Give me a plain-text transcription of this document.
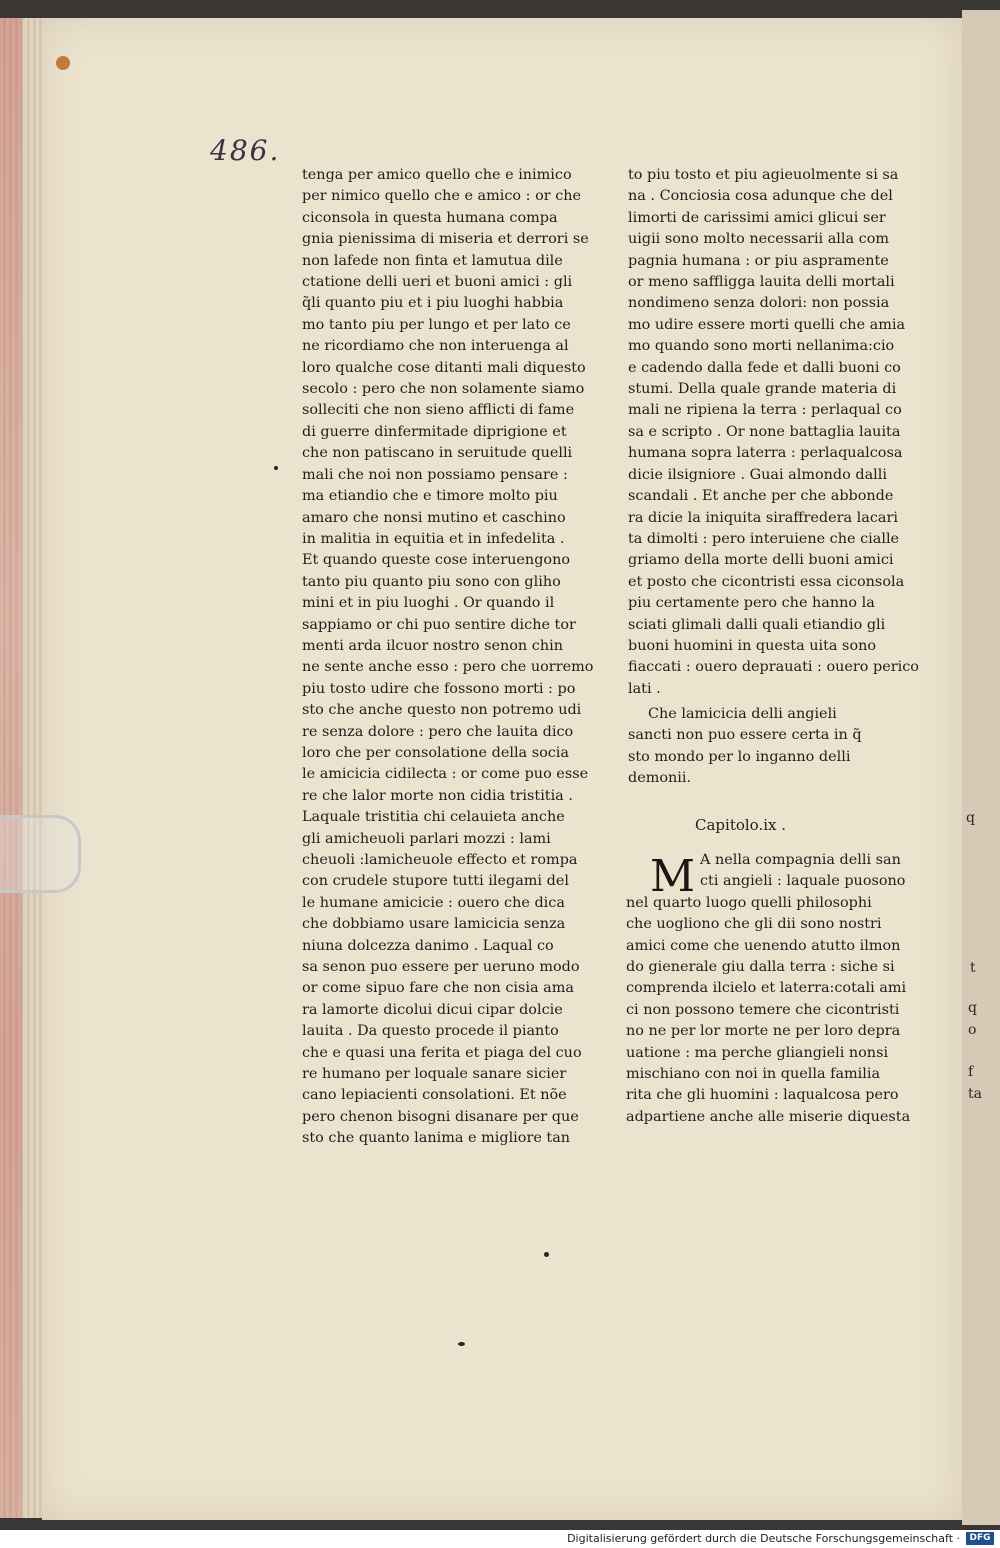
q
t
q
o
f
ta
486.
tenga per amico quello che e inimico
per nimico quello che e amico : or che
ciconsola in questa humana compa
gnia pienissima di miseria et derrori se
non lafede non finta et lamutua dile
ctatione delli ueri et buoni amici : gli
q̃li quanto piu et i piu luoghi habbia
mo tanto piu per lungo et per lato ce
ne ricordiamo che non interuenga al
loro qualche cose ditanti mali diquesto
secolo : pero che non solamente siamo
solleciti che non sieno afflicti di fame
di guerre dinfermitade diprigione et
che non patiscano in seruitude quelli
mali che noi non possiamo pensare :
ma etiandio che e timore molto piu
amaro che nonsi mutino et caschino
in malitia in equitia et in infedelita .
Et quando queste cose interuengono
tanto piu quanto piu sono con gliho
mini et in piu luoghi . Or quando il
sappiamo or chi puo sentire diche tor
menti arda ilcuor nostro senon chin
ne sente anche esso : pero che uorremo
piu tosto udire che fossono morti : po
sto che anche questo non potremo udi
re senza dolore : pero che lauita dico
loro che per consolatione della socia
le amicicia cidilecta : or come puo esse
re che lalor morte non cidia tristitia .
Laquale tristitia chi celauieta anche
gli amicheuoli parlari mozzi : lami
cheuoli :lamicheuole effecto et rompa
con crudele stupore tutti ilegami del
le humane amicicie : ouero che dica
che dobbiamo usare lamicicia senza
niuna dolcezza danimo . Laqual co
sa senon puo essere per ueruno modo
or come sipuo fare che non cisia ama
ra lamorte dicolui dicui cipar dolcie
lauita . Da questo procede il pianto
che e quasi una ferita et piaga del cuo
re humano per loquale sanare sicier
cano lepiacienti consolationi. Et nõe
pero chenon bisogni disanare per que
sto che quanto lanima e migliore tan
to piu tosto et piu agieuolmente si sa
na . Conciosia cosa adunque che del
limorti de carissimi amici glicui ser
uigii sono molto necessarii alla com
pagnia humana : or piu aspramente
or meno saffligga lauita delli mortali
nondimeno senza dolori: non possia
mo udire essere morti quelli che amia
mo quando sono morti nellanima:cio
e cadendo dalla fede et dalli buoni co
stumi. Della quale grande materia di
mali ne ripiena la terra : perlaqual co
sa e scripto . Or none battaglia lauita
humana sopra laterra : perlaqualcosa
dicie ilsigniore . Guai almondo dalli
scandali . Et anche per che abbonde
ra dicie la iniquita siraffredera lacari
ta dimolti : pero interuiene che cialle
griamo della morte delli buoni amici
et posto che cicontristi essa ciconsola
piu certamente pero che hanno la
sciati glimali dalli quali etiandio gli
buoni huomini in questa uita sono
fiaccati : ouero deprauati : ouero perico
lati .
Che lamicicia delli angieli
sancti non puo essere certa in q̃
sto mondo per lo inganno delli
demonii.
Capitolo.ix .
M A nella compagnia delli san
cti angieli : laquale puosono
nel quarto luogo quelli philosophi
che uogliono che gli dii sono nostri
amici come che uenendo atutto ilmon
do gienerale giu dalla terra : siche si
comprenda ilcielo et laterra:cotali ami
ci non possono temere che cicontristi
no ne per lor morte ne per loro depra
uatione : ma perche gliangieli nonsi
mischiano con noi in quella familia
rita che gli huomini : laqualcosa pero
adpartiene anche alle miserie diquesta
Digitalisierung gefördert durch die Deutsche Forschungsgemeinschaft ·	DFG
